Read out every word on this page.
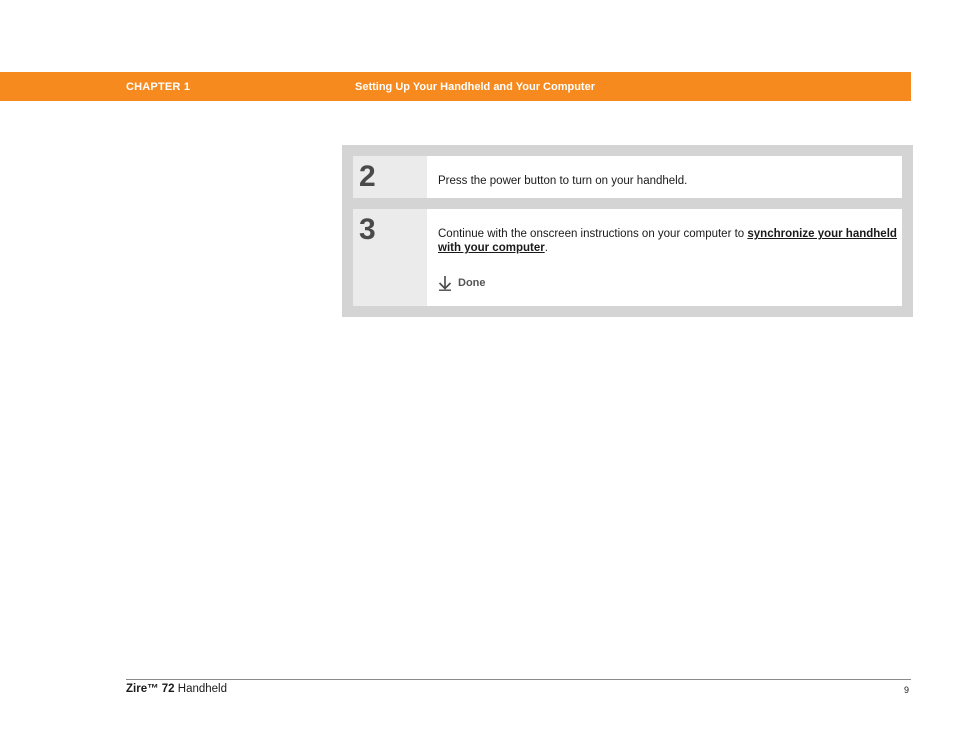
CHAPTER 1	Setting Up Your Handheld and Your Computer
2	Press the power button to turn on your handheld.
3	Continue with the onscreen instructions on your computer to synchronize your handheld with your computer.
Done
Zire™ 72 Handheld	9
